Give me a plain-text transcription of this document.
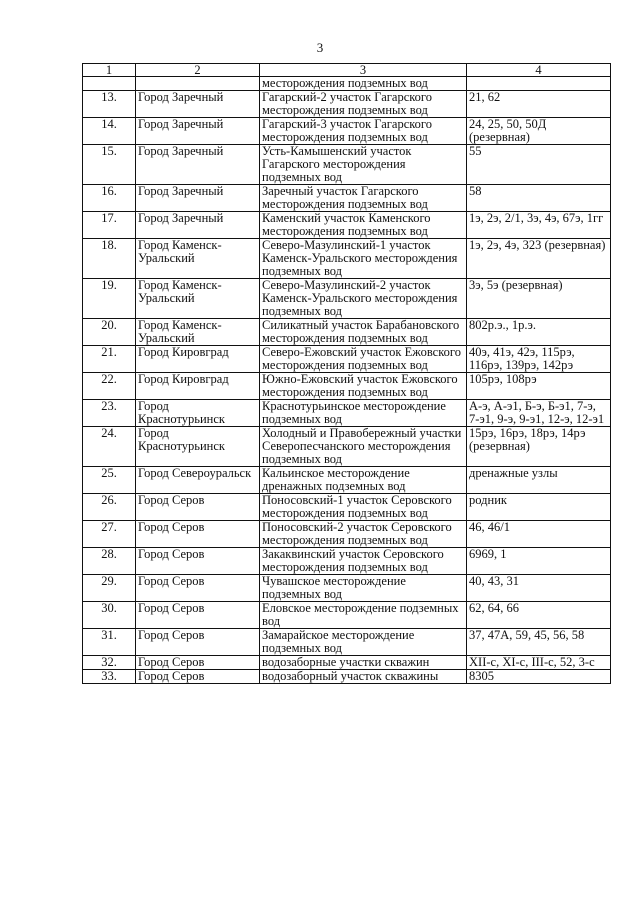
3
1	2	3	4
		месторождения подземных вод	
13.	Город Заречный	Гагарский-2 участок Гагарского месторождения подземных вод	21, 62
14.	Город Заречный	Гагарский-3 участок Гагарского месторождения подземных вод	24, 25, 50, 50Д (резервная)
15.	Город Заречный	Усть-Камышенский участок Гагарского месторождения подземных вод	55
16.	Город Заречный	Заречный участок Гагарского месторождения подземных вод	58
17.	Город Заречный	Каменский участок Каменского месторождения подземных вод	1э, 2э, 2/1, 3э, 4э, 67э, 1гг
18.	Город Каменск-Уральский	Северо-Мазулинский-1 участок Каменск-Уральского месторождения подземных вод	1э, 2э, 4э, 323 (резервная)
19.	Город Каменск-Уральский	Северо-Мазулинский-2 участок Каменск-Уральского месторождения подземных вод	3э, 5э (резервная)
20.	Город Каменск-Уральский	Силикатный участок Барабановского месторождения подземных вод	802р.э., 1р.э.
21.	Город Кировград	Северо-Ежовский участок Ежовского месторождения подземных вод	40э, 41э, 42э, 115рэ, 116рэ, 139рэ, 142рэ
22.	Город Кировград	Южно-Ежовский участок Ежовского месторождения подземных вод	105рэ, 108рэ
23.	Город Краснотурьинск	Краснотурьинское месторождение подземных вод	А-э, А-э1, Б-э, Б-э1, 7-э, 7-э1, 9-э, 9-э1, 12-э, 12-э1
24.	Город Краснотурьинск	Холодный и Правобережный участки Северопесчанского месторождения подземных вод	15рэ, 16рэ, 18рэ, 14рэ (резервная)
25.	Город Североуральск	Кальинское месторождение дренажных подземных вод	дренажные узлы
26.	Город Серов	Поносовский-1 участок Серовского месторождения подземных вод	родник
27.	Город Серов	Поносовский-2 участок Серовского месторождения подземных вод	46, 46/1
28.	Город Серов	Закаквинский участок Серовского месторождения подземных вод	6969, 1
29.	Город Серов	Чувашское месторождение подземных вод	40, 43, 31
30.	Город Серов	Еловское месторождение подземных вод	62, 64, 66
31.	Город Серов	Замарайское месторождение подземных вод	37, 47А, 59, 45, 56, 58
32.	Город Серов	водозаборные участки скважин	XII-с, XI-с, III-с, 52, 3-с
33.	Город Серов	водозаборный участок скважины	8305
